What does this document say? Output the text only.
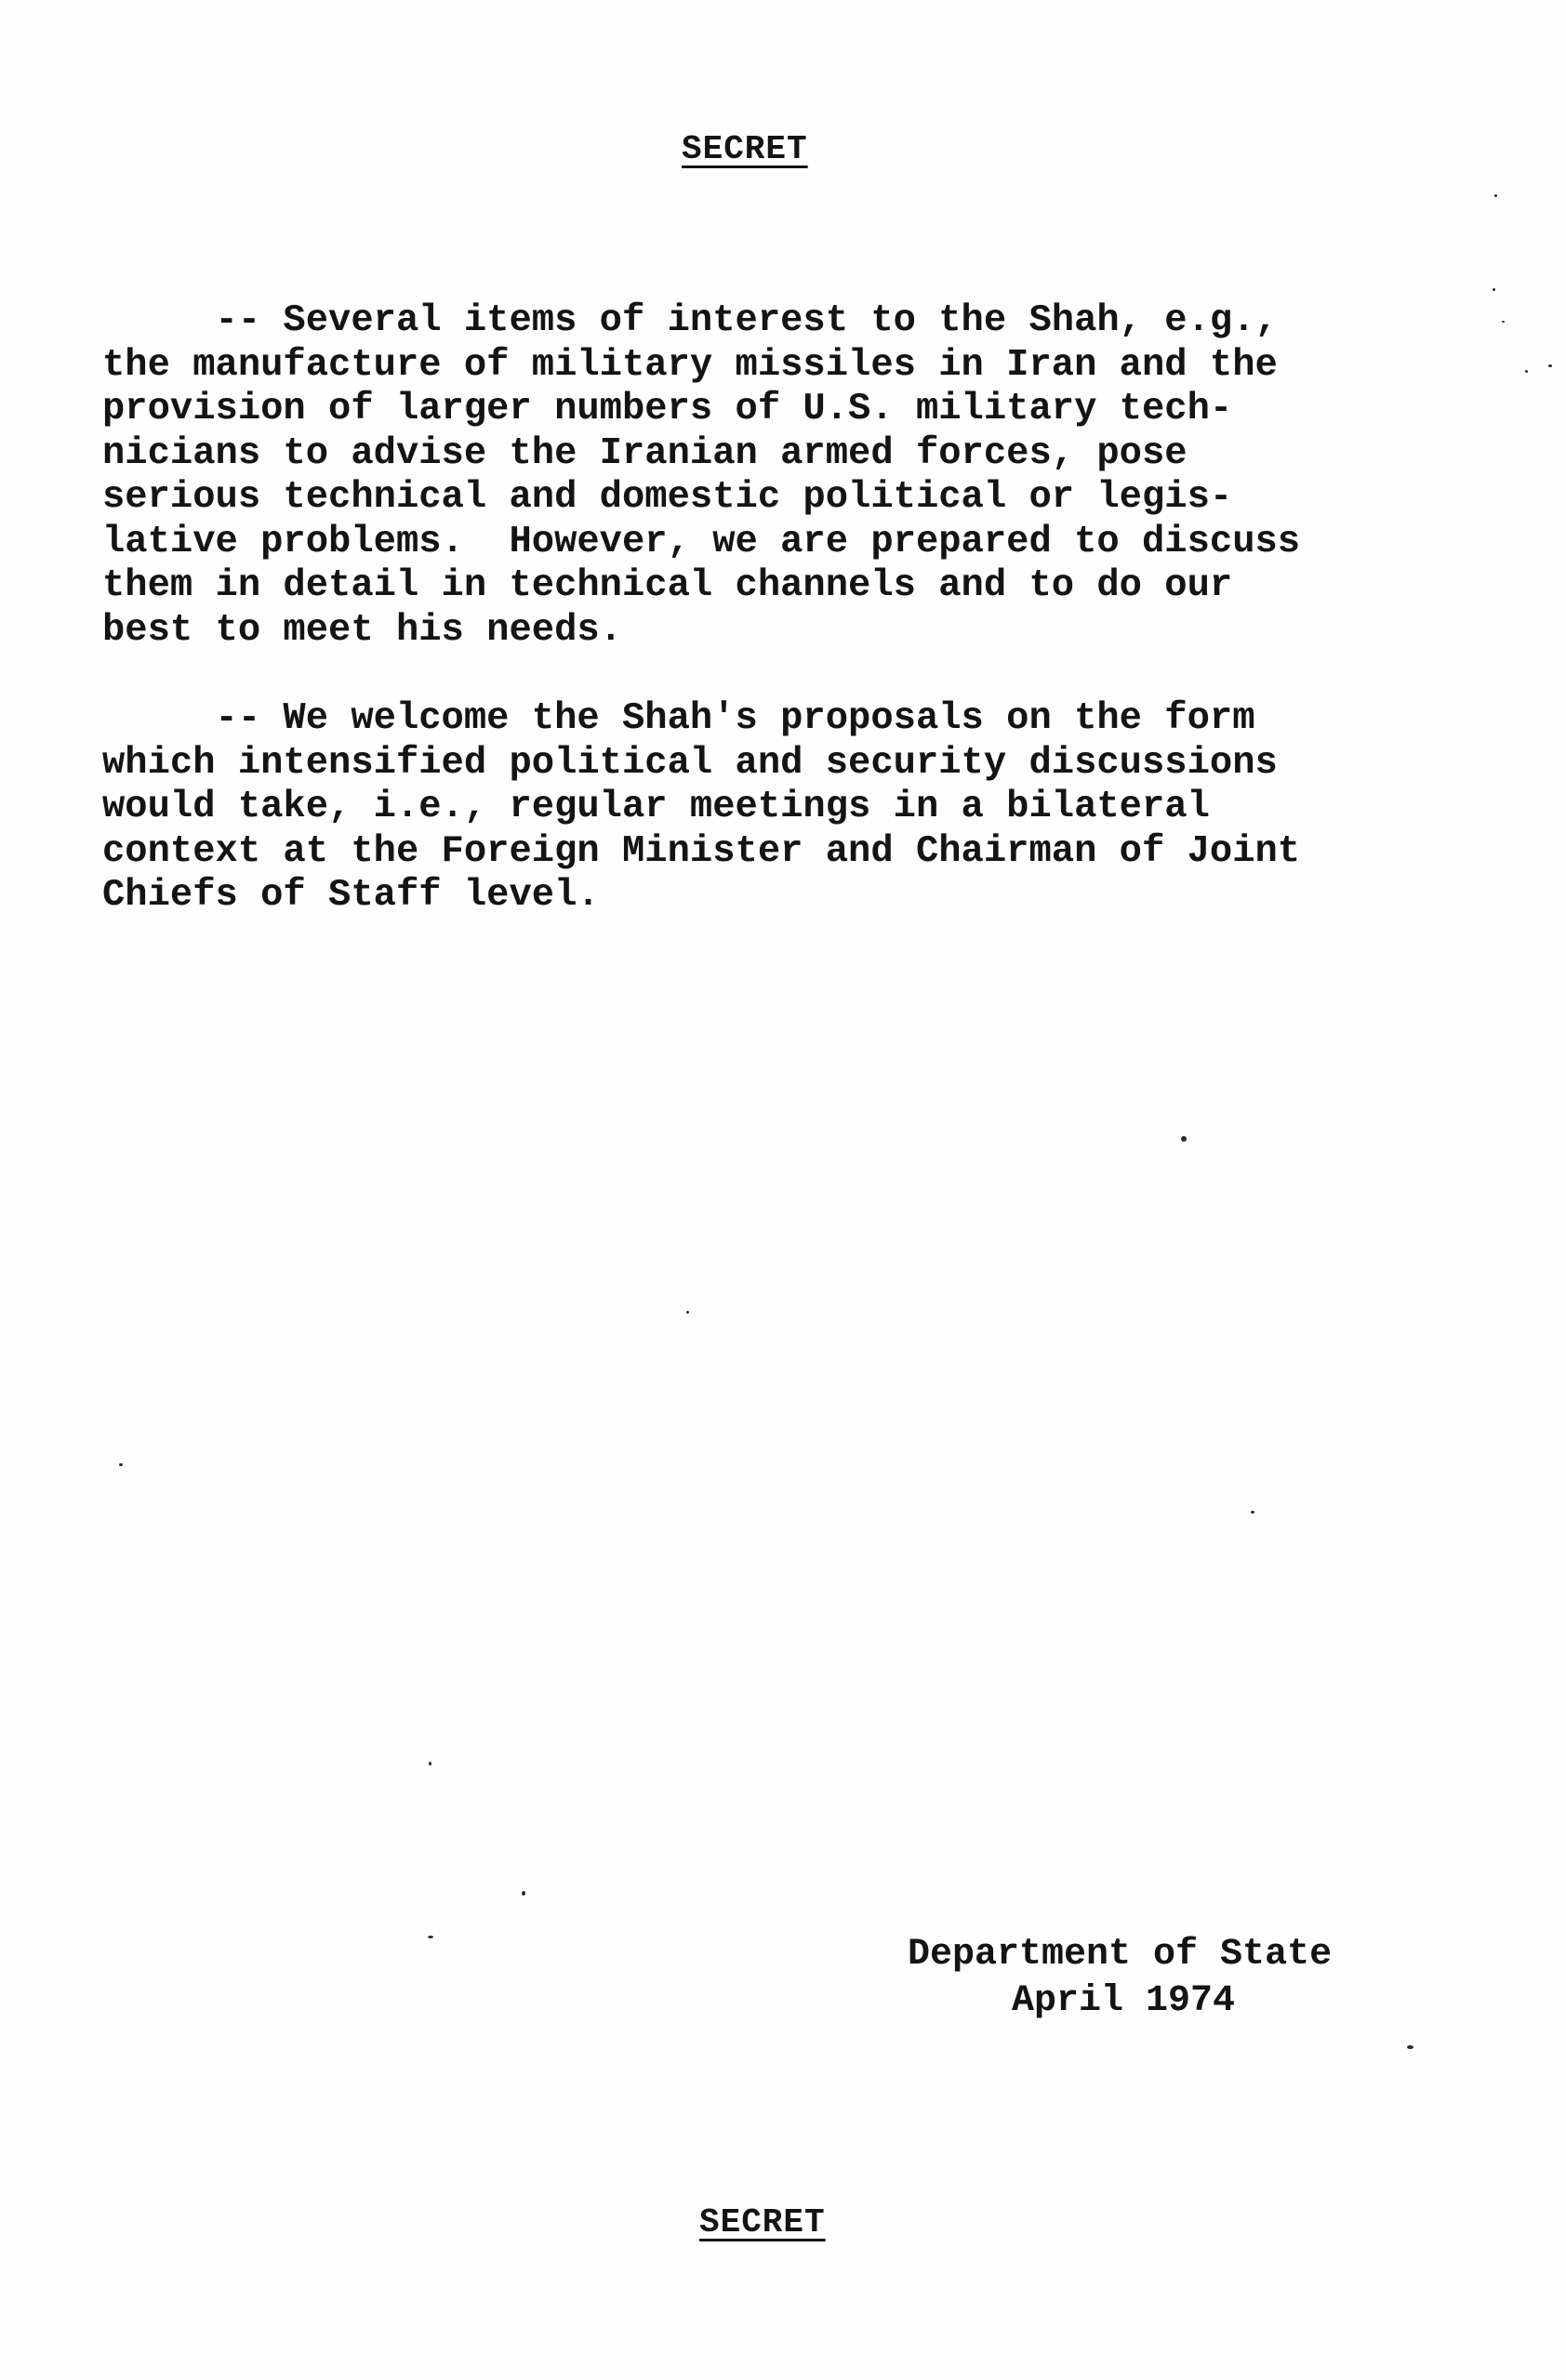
SECRET
-- Several items of interest to the Shah, e.g.,
the manufacture of military missiles in Iran and the
provision of larger numbers of U.S. military tech-
nicians to advise the Iranian armed forces, pose
serious technical and domestic political or legis-
lative problems.  However, we are prepared to discuss
them in detail in technical channels and to do our
best to meet his needs.
-- We welcome the Shah's proposals on the form
which intensified political and security discussions
would take, i.e., regular meetings in a bilateral
context at the Foreign Minister and Chairman of Joint
Chiefs of Staff level.
Department of State
April 1974
SECRET
